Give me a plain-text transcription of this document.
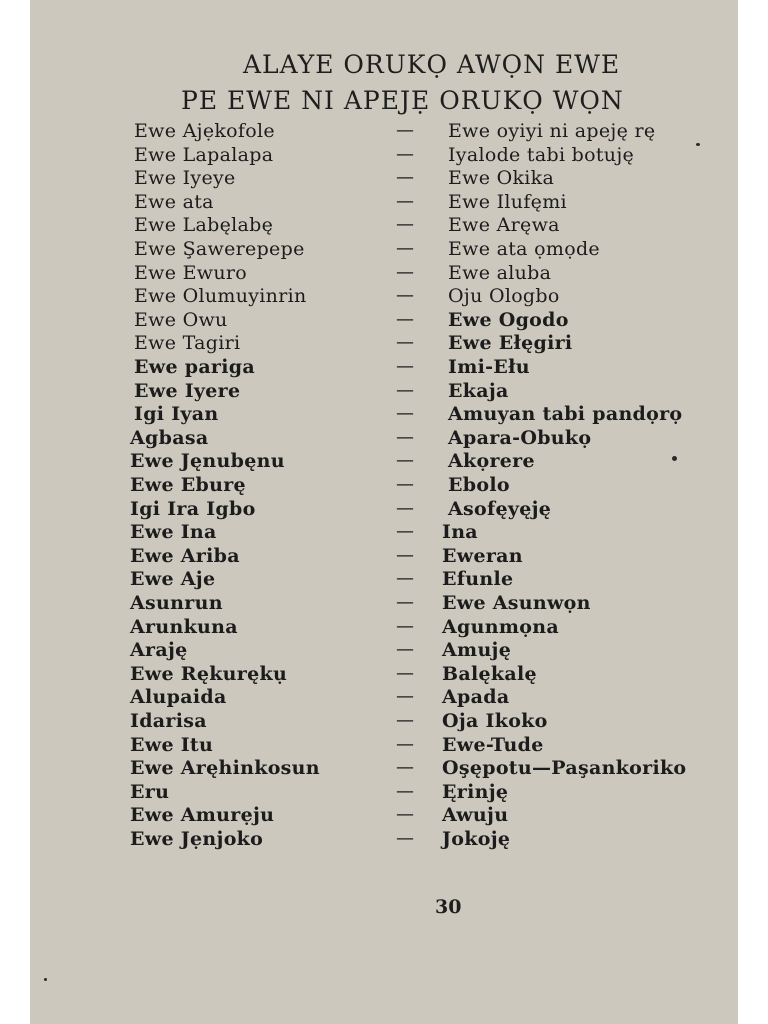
ALAYE ORUKỌ AWỌN EWE
PE EWE NI APEJẸ ORUKỌ WỌN
Ewe Ajẹkofole	— Ewe oyiyi ni apeję rę
Ewe Lapalapa	— Iyalode tabi botuję
Ewe Iyeye	— Ewe Okika
Ewe ata	— Ewe Ilufęmi
Ewe Labęlabę	— Ewe Aręwa
Ewe Şawerepepe	— Ewe ata ọmọde
Ewe Ewuro	— Ewe aluba
Ewe Olumuyinrin	— Oju Ologbo
Ewe Owu	— Ewe Ogodo
Ewe Tagiri	— Ewe Ełęgiri
Ewe pariga	— Imi-Ełu
Ewe Iyere	— Ekaja
Igi Iyan	— Amuyan tabi pandọrọ
Agbasa	— Apara-Obukọ
Ewe Jęnubęnu	— Akọrere
Ewe Eburę	— Ebolo
Igi Ira Igbo	— Asofęyęję
Ewe Ina	— Ina
Ewe Ariba	— Eweran
Ewe Aje	— Efunle
Asunrun	— Ewe Asunwọn
Arunkuna	— Agunmọna
Araję	— Amuję
Ewe Rękurękụ	— Balękalę
Alupaida	— Apada
Idarisa	— Oja Ikoko
Ewe Itu	— Ewe-Tude
Ewe Aręhinkosun	— Oşępotu—Paşankoriko
Eru	— Ęrinję
Ewe Amurẹju	— Awuju
Ewe Jẹnjoko	— Jokoję
30
